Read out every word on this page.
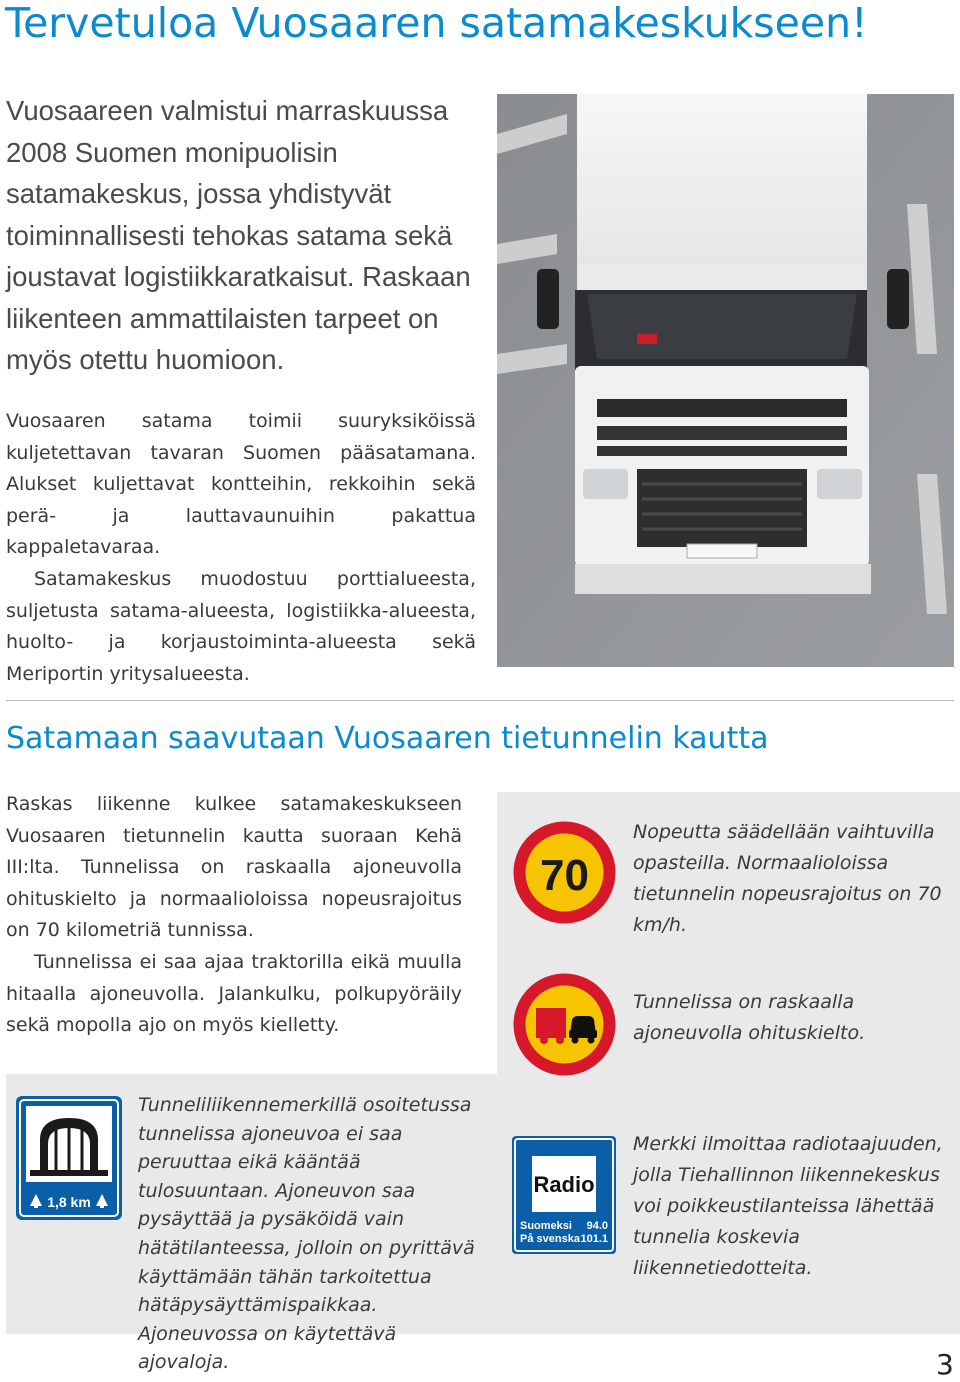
Tervetuloa Vuosaaren satamakeskukseen!
Vuosaareen valmistui marraskuussa 2008 Suomen monipuolisin satamakeskus, jossa yhdistyvät toiminnallisesti tehokas satama sekä joustavat logistiikkaratkaisut. Raskaan liikenteen ammattilaisten tarpeet on myös otettu huomioon.

Vuosaaren satama toimii suuryksiköissä kuljetettavan tavaran Suomen pääsatamana. Alukset kuljettavat kontteihin, rekkoihin sekä perä- ja lauttavaunuihin pakattua kappaletavaraa.

Satamakeskus muodostuu porttialueesta, suljetusta satama-alueesta, logistiikka-alueesta, huolto- ja korjaustoiminta-alueesta sekä Meriportin yritysalueesta.

Satamaan saavutaan Vuosaaren tietunnelin kautta

Raskas liikenne kulkee satamakeskukseen Vuosaaren tietunnelin kautta suoraan Kehä III:lta. Tunnelissa on raskaalla ajoneuvolla ohituskielto ja normaalioloissa nopeusrajoitus on 70 kilometriä tunnissa.

Tunnelissa ei saa ajaa traktorilla eikä muulla hitaalla ajoneuvolla. Jalankulku, polkupyöräily sekä mopolla ajo on myös kielletty.

70
Nopeutta säädellään vaihtuvilla opasteilla. Normaalioloissa tietunnelin nopeusrajoitus on 70 km/h.
Tunnelissa on raskaalla ajoneuvolla ohituskielto.
1,8 km
Tunneliliikennemerkillä osoitetussa tunnelissa ajoneuvoa ei saa peruuttaa eikä kääntää tulosuuntaan. Ajoneuvon saa pysäyttää ja pysäköidä vain hätätilanteessa, jolloin on pyrittävä käyttämään tähän tarkoitettua hätäpysäyttämispaikkaa. Ajoneuvossa on käytettävä ajovaloja.
Radio
Suomeksi 94.0
På svenska 101.1
Merkki ilmoittaa radiotaajuuden, jolla Tiehallinnon liikennekeskus voi poikkeustilanteissa lähettää tunnelia koskevia liikennetiedotteita.
3
